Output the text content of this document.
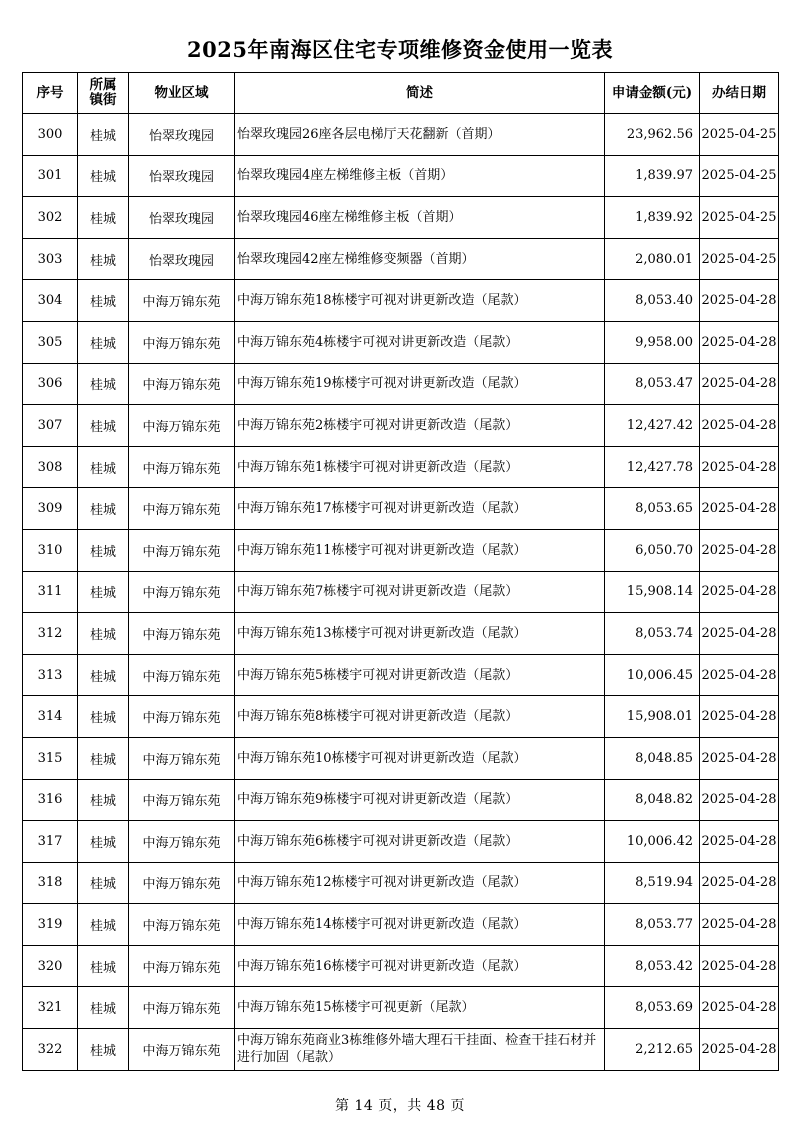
2025年南海区住宅专项维修资金使用一览表
序号	所属镇街	物业区域	简述	申请金额(元)	办结日期
300	桂城	怡翠玫瑰园	怡翠玫瑰园26座各层电梯厅天花翻新（首期）	23,962.56	2025-04-25
301	桂城	怡翠玫瑰园	怡翠玫瑰园4座左梯维修主板（首期）	1,839.97	2025-04-25
302	桂城	怡翠玫瑰园	怡翠玫瑰园46座左梯维修主板（首期）	1,839.92	2025-04-25
303	桂城	怡翠玫瑰园	怡翠玫瑰园42座左梯维修变频器（首期）	2,080.01	2025-04-25
304	桂城	中海万锦东苑	中海万锦东苑18栋楼宇可视对讲更新改造（尾款）	8,053.40	2025-04-28
305	桂城	中海万锦东苑	中海万锦东苑4栋楼宇可视对讲更新改造（尾款）	9,958.00	2025-04-28
306	桂城	中海万锦东苑	中海万锦东苑19栋楼宇可视对讲更新改造（尾款）	8,053.47	2025-04-28
307	桂城	中海万锦东苑	中海万锦东苑2栋楼宇可视对讲更新改造（尾款）	12,427.42	2025-04-28
308	桂城	中海万锦东苑	中海万锦东苑1栋楼宇可视对讲更新改造（尾款）	12,427.78	2025-04-28
309	桂城	中海万锦东苑	中海万锦东苑17栋楼宇可视对讲更新改造（尾款）	8,053.65	2025-04-28
310	桂城	中海万锦东苑	中海万锦东苑11栋楼宇可视对讲更新改造（尾款）	6,050.70	2025-04-28
311	桂城	中海万锦东苑	中海万锦东苑7栋楼宇可视对讲更新改造（尾款）	15,908.14	2025-04-28
312	桂城	中海万锦东苑	中海万锦东苑13栋楼宇可视对讲更新改造（尾款）	8,053.74	2025-04-28
313	桂城	中海万锦东苑	中海万锦东苑5栋楼宇可视对讲更新改造（尾款）	10,006.45	2025-04-28
314	桂城	中海万锦东苑	中海万锦东苑8栋楼宇可视对讲更新改造（尾款）	15,908.01	2025-04-28
315	桂城	中海万锦东苑	中海万锦东苑10栋楼宇可视对讲更新改造（尾款）	8,048.85	2025-04-28
316	桂城	中海万锦东苑	中海万锦东苑9栋楼宇可视对讲更新改造（尾款）	8,048.82	2025-04-28
317	桂城	中海万锦东苑	中海万锦东苑6栋楼宇可视对讲更新改造（尾款）	10,006.42	2025-04-28
318	桂城	中海万锦东苑	中海万锦东苑12栋楼宇可视对讲更新改造（尾款）	8,519.94	2025-04-28
319	桂城	中海万锦东苑	中海万锦东苑14栋楼宇可视对讲更新改造（尾款）	8,053.77	2025-04-28
320	桂城	中海万锦东苑	中海万锦东苑16栋楼宇可视对讲更新改造（尾款）	8,053.42	2025-04-28
321	桂城	中海万锦东苑	中海万锦东苑15栋楼宇可视更新（尾款）	8,053.69	2025-04-28
322	桂城	中海万锦东苑	中海万锦东苑商业3栋维修外墙大理石干挂面、检查干挂石材并进行加固（尾款）	2,212.65	2025-04-28
第 14 页，共 48 页
